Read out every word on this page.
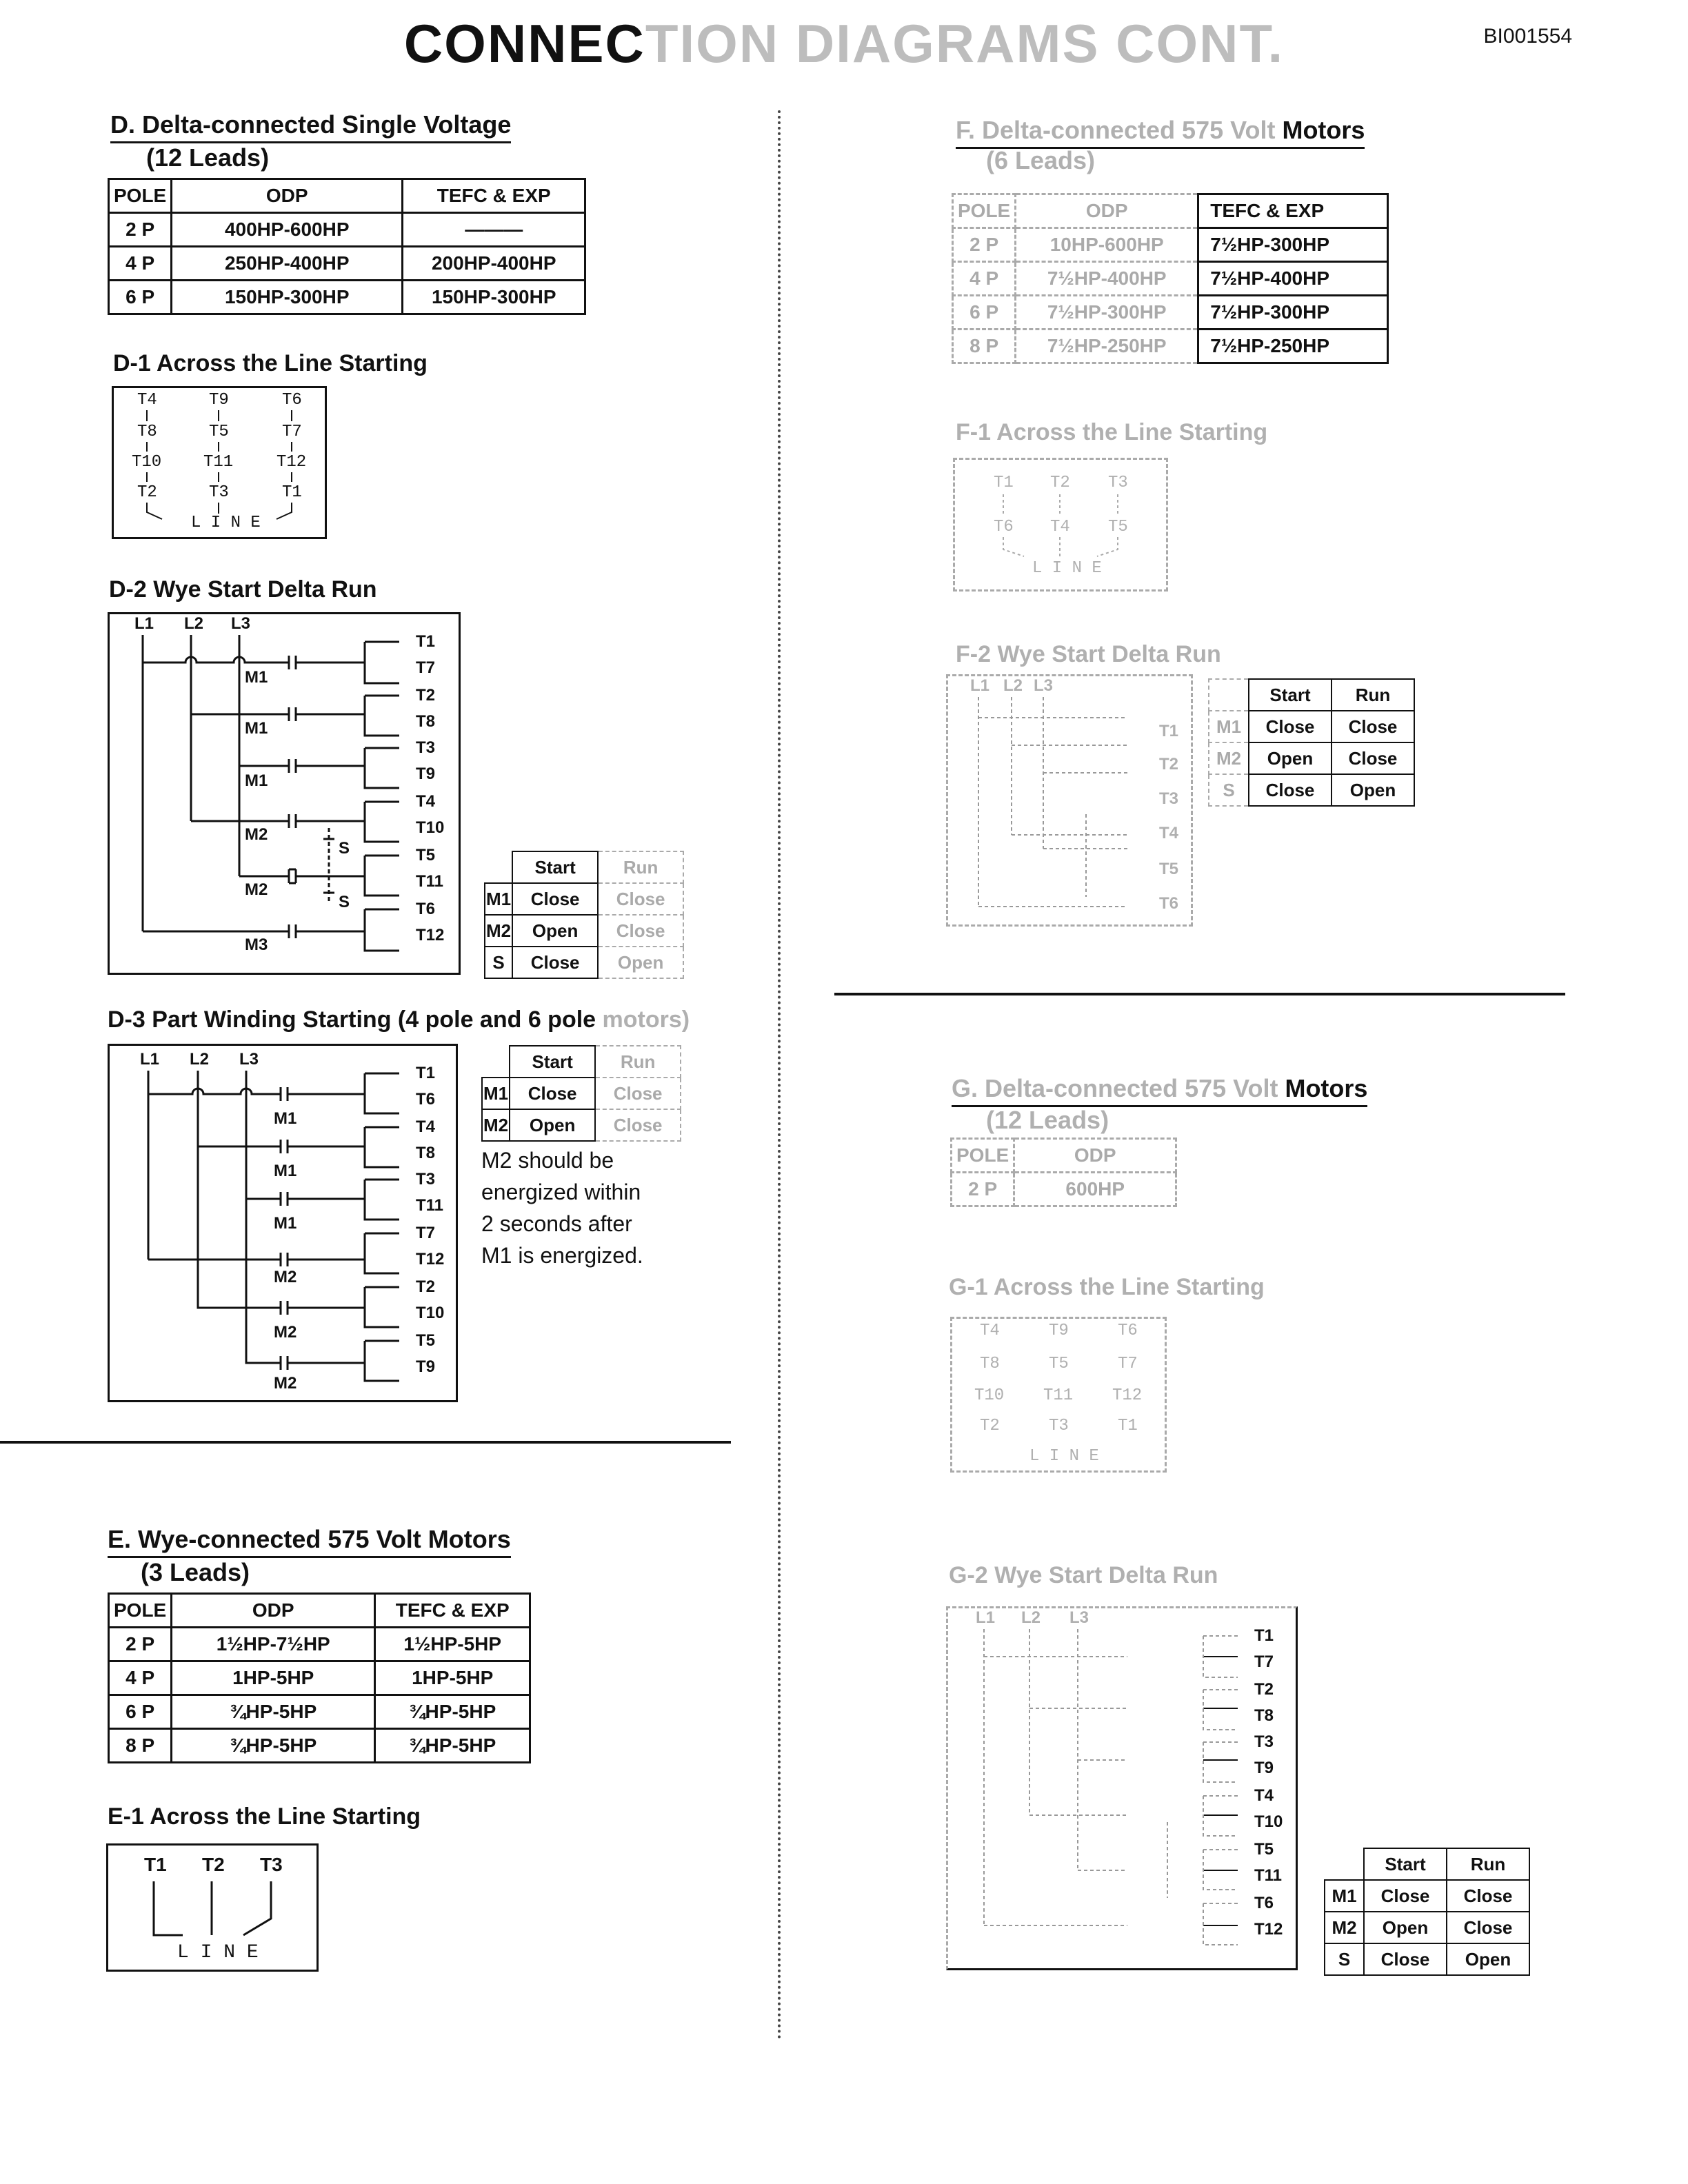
CONNECTION DIAGRAMS CONT.	BI001554
D. Delta-connected Single Voltage
(12 Leads)
POLE	ODP	TEFC & EXP
2 P	400HP-600HP	———
4 P	250HP-400HP	200HP-400HP
6 P	150HP-300HP	150HP-300HP
D-1 Across the Line Starting
T4	T9	T6
T8	T5	T7
T10	T11	T12
T2	T3	T1
L I N E
D-2 Wye Start Delta Run
L1 L2 L3
M1
M1
M1
M2
M2
M3
S
S
T1
T7
T2
T8
T3
T9
T4
T10
T5
T11
T6
T12
	Start	Run
M1	Close	Close
M2	Open	Close
S	Close	Open
D-3 Part Winding Starting (4 pole and 6 pole motors)
L1 L2 L3
M1
M1
M1
M2
M2
M2
T1
T6
T4
T8
T3
T11
T7
T12
T2
T10
T5
T9
	Start	Run
M1	Close	Close
M2	Open	Close
M2 should be
energized within
2 seconds after
M1 is energized.
E. Wye-connected 575 Volt Motors
(3 Leads)
POLE	ODP	TEFC & EXP
2 P	1½HP-7½HP	1½HP-5HP
4 P	1HP-5HP	1HP-5HP
6 P	¾HP-5HP	¾HP-5HP
8 P	¾HP-5HP	¾HP-5HP
E-1 Across the Line Starting
T1 T2 T3
L I N E
F. Delta-connected 575 Volt Motors
(6 Leads)
POLE	ODP	TEFC & EXP
2 P	10HP-600HP	7½HP-300HP
4 P	7½HP-400HP	7½HP-400HP
6 P	7½HP-300HP	7½HP-300HP
8 P	7½HP-250HP	7½HP-250HP
F-1 Across the Line Starting
T1 T2 T3
T6 T4 T5
L I N E
F-2 Wye Start Delta Run
L1 L2 L3
T1
T2
T3
T4
T5
T6
	Start	Run
M1	Close	Close
M2	Open	Close
S	Close	Open
G. Delta-connected 575 Volt Motors
(12 Leads)
POLE	ODP
2 P	600HP
G-1 Across the Line Starting
T4	T9	T6
T8	T5	T7
T10 T11 T12
T2	T3	T1
L I N E
G-2 Wye Start Delta Run
L1 L2 L3
T1
T7
T2
T8
T3
T9
T4
T10
T5
T11
T6
T12
	Start	Run
M1	Close	Close
M2	Open	Close
S	Close	Open
